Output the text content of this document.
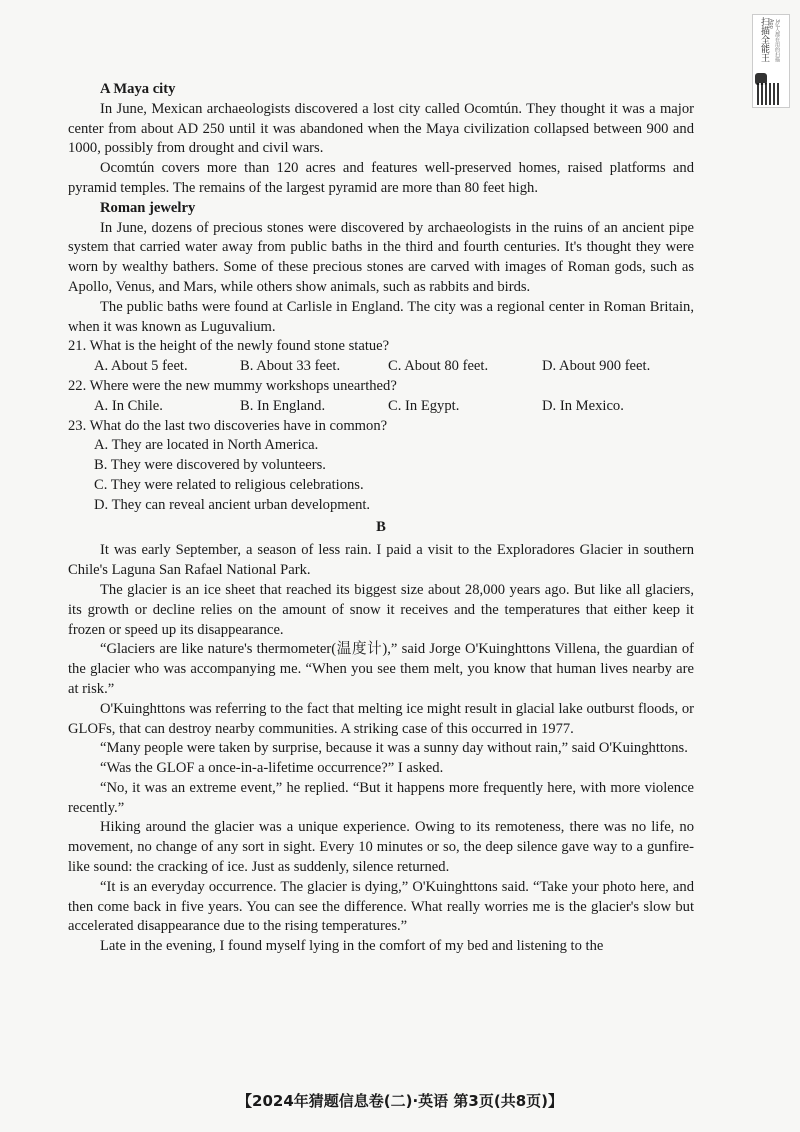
扫描全能王	3亿人都在用的扫描App
A Maya city
In June, Mexican archaeologists discovered a lost city called Ocomtún. They thought it was a major center from about AD 250 until it was abandoned when the Maya civilization collapsed between 900 and 1000, possibly from drought and civil wars.
Ocomtún covers more than 120 acres and features well-preserved homes, raised platforms and pyramid temples. The remains of the largest pyramid are more than 80 feet high.
Roman jewelry
In June, dozens of precious stones were discovered by archaeologists in the ruins of an ancient pipe system that carried water away from public baths in the third and fourth centuries. It's thought they were worn by wealthy bathers. Some of these precious stones are carved with images of Roman gods, such as Apollo, Venus, and Mars, while others show animals, such as rabbits and birds.
The public baths were found at Carlisle in England. The city was a regional center in Roman Britain, when it was known as Luguvalium.
21. What is the height of the newly found stone statue?
A. About 5 feet.	B. About 33 feet.	C. About 80 feet.	D. About 900 feet.
22. Where were the new mummy workshops unearthed?
A. In Chile.	B. In England.	C. In Egypt.	D. In Mexico.
23. What do the last two discoveries have in common?
A. They are located in North America.
B. They were discovered by volunteers.
C. They were related to religious celebrations.
D. They can reveal ancient urban development.
B
It was early September, a season of less rain. I paid a visit to the Exploradores Glacier in southern Chile's Laguna San Rafael National Park.
The glacier is an ice sheet that reached its biggest size about 28,000 years ago. But like all glaciers, its growth or decline relies on the amount of snow it receives and the temperatures that either keep it frozen or speed up its disappearance.
“Glaciers are like nature's thermometer(温度计),” said Jorge O'Kuinghttons Villena, the guardian of the glacier who was accompanying me. “When you see them melt, you know that human lives nearby are at risk.”
O'Kuinghttons was referring to the fact that melting ice might result in glacial lake outburst floods, or GLOFs, that can destroy nearby communities. A striking case of this occurred in 1977.
“Many people were taken by surprise, because it was a sunny day without rain,” said O'Kuinghttons.
“Was the GLOF a once-in-a-lifetime occurrence?” I asked.
“No, it was an extreme event,” he replied. “But it happens more frequently here, with more violence recently.”
Hiking around the glacier was a unique experience. Owing to its remoteness, there was no life, no movement, no change of any sort in sight. Every 10 minutes or so, the deep silence gave way to a gunfire-like sound: the cracking of ice. Just as suddenly, silence returned.
“It is an everyday occurrence. The glacier is dying,” O'Kuinghttons said. “Take your photo here, and then come back in five years. You can see the difference. What really worries me is the glacier's slow but accelerated disappearance due to the rising temperatures.”
Late in the evening, I found myself lying in the comfort of my bed and listening to the
【2024年猜题信息卷(二)·英语 第3页(共8页)】
